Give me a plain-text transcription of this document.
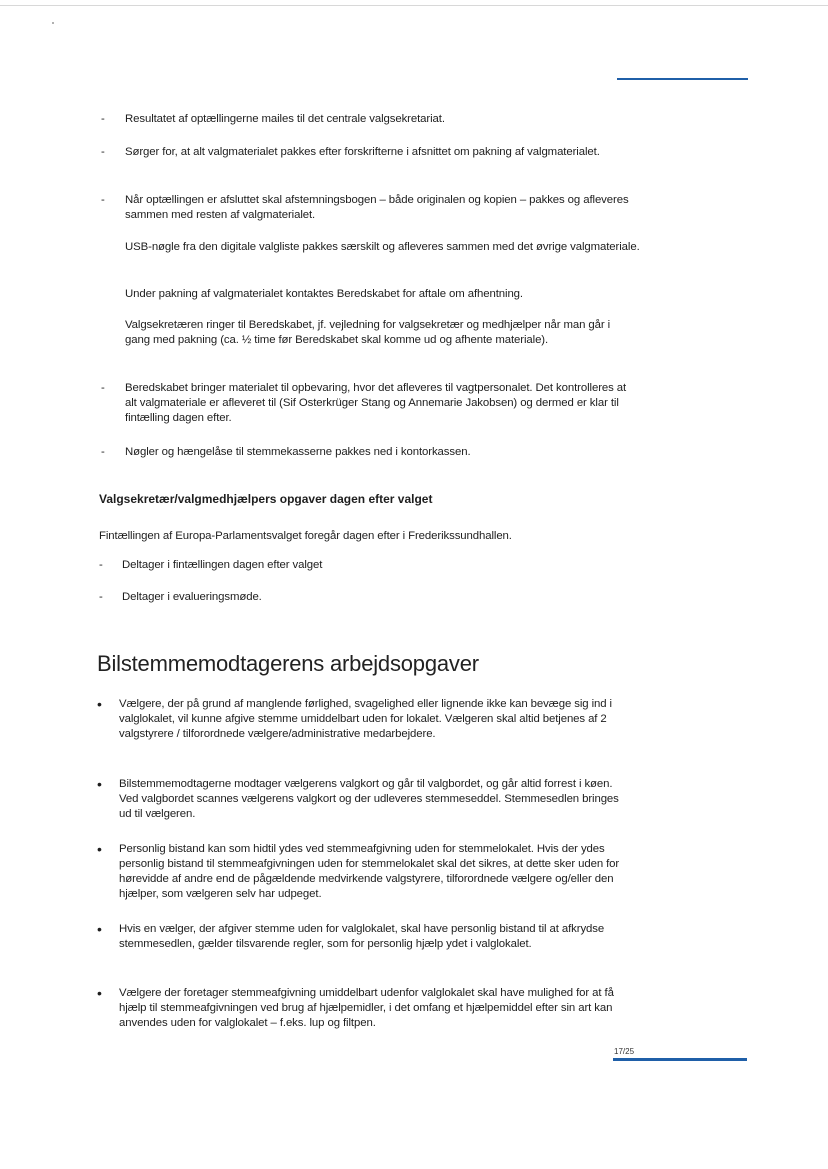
- Resultatet af optællingerne mailes til det centrale valgsekretariat.
- Sørger for, at alt valgmaterialet pakkes efter forskrifterne i afsnittet om pakning af valgmaterialet.
- Når optællingen er afsluttet skal afstemningsbogen – både originalen og kopien – pakkes og afleveres sammen med resten af valgmaterialet.
USB-nøgle fra den digitale valgliste pakkes særskilt og afleveres sammen med det øvrige valgmateriale.
Under pakning af valgmaterialet kontaktes Beredskabet for aftale om afhentning.
Valgsekretæren ringer til Beredskabet, jf. vejledning for valgsekretær og medhjælper når man går i gang med pakning (ca. ½ time før Beredskabet skal komme ud og afhente materiale).
- Beredskabet bringer materialet til opbevaring, hvor det afleveres til vagtpersonalet. Det kontrolleres at alt valgmateriale er afleveret til (Sif Osterkrüger Stang og Annemarie Jakobsen) og dermed er klar til fintælling dagen efter.
- Nøgler og hængelåse til stemmekasserne pakkes ned i kontorkassen.
Valgsekretær/valgmedhjælpers opgaver dagen efter valget
Fintællingen af Europa-Parlamentsvalget foregår dagen efter i Frederikssundhallen.
- Deltager i fintællingen dagen efter valget
- Deltager i evalueringsmøde.
Bilstemmemodtagerens arbejdsopgaver
• Vælgere, der på grund af manglende førlighed, svagelighed eller lignende ikke kan bevæge sig ind i valglokalet, vil kunne afgive stemme umiddelbart uden for lokalet. Vælgeren skal altid betjenes af 2 valgstyrere / tilforordnede vælgere/administrative medarbejdere.
• Bilstemmemodtagerne modtager vælgerens valgkort og går til valgbordet, og går altid forrest i køen. Ved valgbordet scannes vælgerens valgkort og der udleveres stemmeseddel. Stemmesedlen bringes ud til vælgeren.
• Personlig bistand kan som hidtil ydes ved stemmeafgivning uden for stemmelokalet. Hvis der ydes personlig bistand til stemmeafgivningen uden for stemmelokalet skal det sikres, at dette sker uden for hørevidde af andre end de pågældende medvirkende valgstyrere, tilforordnede vælgere og/eller den hjælper, som vælgeren selv har udpeget.
• Hvis en vælger, der afgiver stemme uden for valglokalet, skal have personlig bistand til at afkrydse stemmesedlen, gælder tilsvarende regler, som for personlig hjælp ydet i valglokalet.
• Vælgere der foretager stemmeafgivning umiddelbart udenfor valglokalet skal have mulighed for at få hjælp til stemmeafgivningen ved brug af hjælpemidler, i det omfang et hjælpemiddel efter sin art kan anvendes uden for valglokalet – f.eks. lup og filtpen.
17/25
